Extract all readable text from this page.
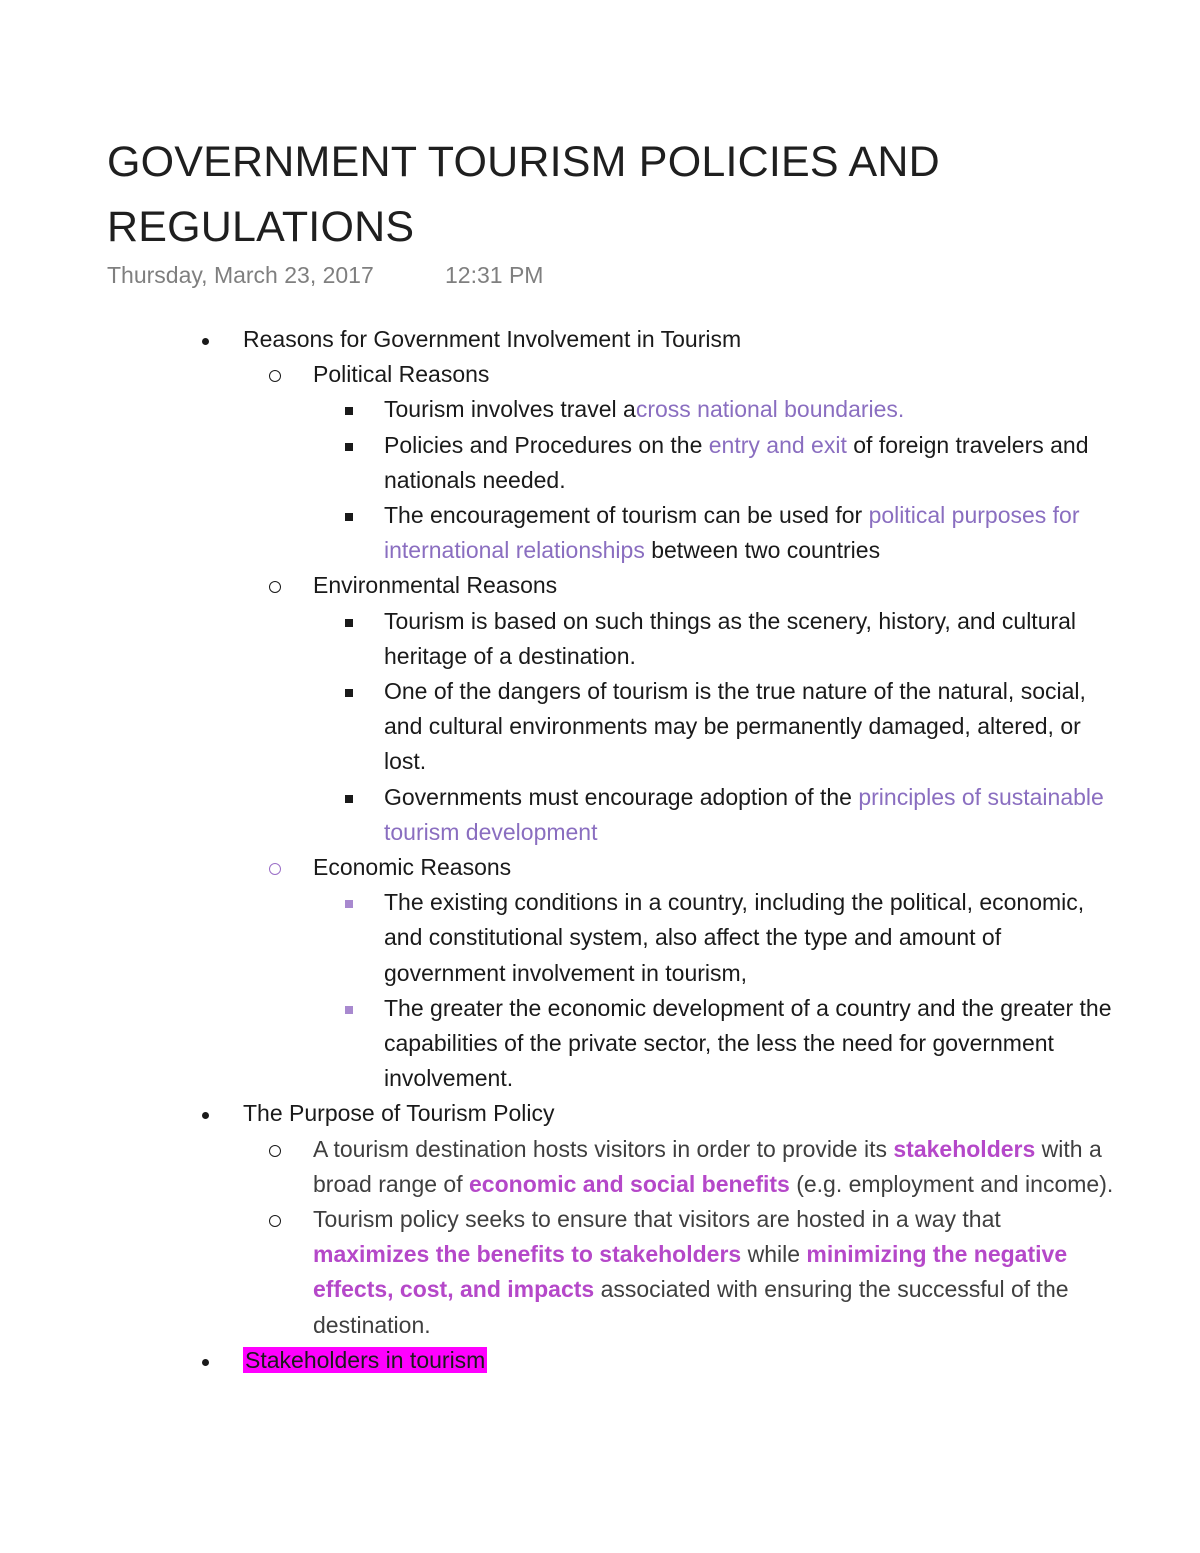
GOVERNMENT TOURISM POLICIES AND REGULATIONS
Thursday, March 23, 2017	12:31 PM
Reasons for Government Involvement in Tourism
Political Reasons
Tourism involves travel across national boundaries.
Policies and Procedures on the entry and exit of foreign travelers and nationals needed.
The encouragement of tourism can be used for political purposes for international relationships between two countries
Environmental Reasons
Tourism is based on such things as the scenery, history, and cultural heritage of a destination.
One of the dangers of tourism is the true nature of the natural, social, and cultural environments may be permanently damaged, altered, or lost.
Governments must encourage adoption of the principles of sustainable tourism development
Economic Reasons
The existing conditions in a country, including the political, economic, and constitutional system, also affect the type and amount of government involvement in tourism,
The greater the economic development of a country and the greater the capabilities of the private sector, the less the need for government involvement.
The Purpose of Tourism Policy
A tourism destination hosts visitors in order to provide its stakeholders with a broad range of economic and social benefits (e.g. employment and income).
Tourism policy seeks to ensure that visitors are hosted in a way that maximizes the benefits to stakeholders while minimizing the negative effects, cost, and impacts associated with ensuring the successful of the destination.
Stakeholders in tourism
